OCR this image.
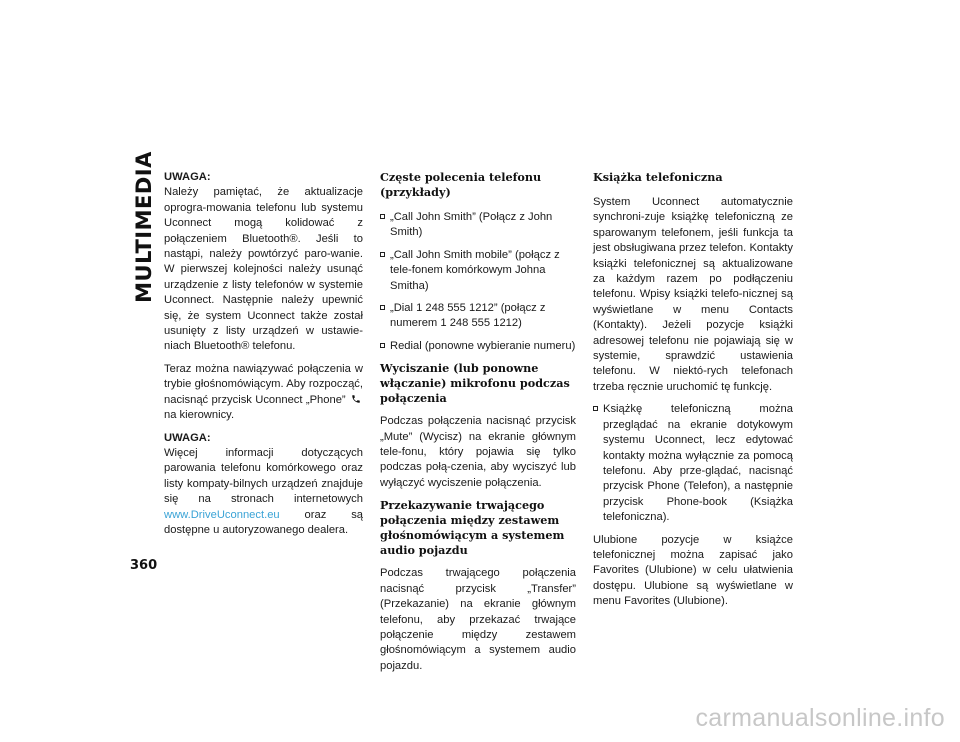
MULTIMEDIA UWAGA:
Należy pamiętać, że aktualizacje oprogra-mowania telefonu lub systemu Uconnect mogą kolidować z połączeniem Bluetooth®. Jeśli to nastąpi, należy powtórzyć paro-wanie. W pierwszej kolejności należy usunąć urządzenie z listy telefonów w systemie Uconnect. Następnie należy upewnić się, że system Uconnect także został usunięty z listy urządzeń w ustawie-niach Bluetooth® telefonu.

Teraz można nawiązywać połączenia w trybie głośnomówiącym. Aby rozpocząć, nacisnąć przycisk Uconnect „Phone”  na kierownicy.

UWAGA:
Więcej informacji dotyczących parowania telefonu komórkowego oraz listy kompaty-bilnych urządzeń znajduje się na stronach internetowych www.DriveUconnect.eu oraz są dostępne u autoryzowanego dealera.
Częste polecenia telefonu (przykłady)
„Call John Smith” (Połącz z John Smith)
„Call John Smith mobile” (połącz z tele-fonem komórkowym Johna Smitha)
„Dial 1 248 555 1212” (połącz z numerem 1 248 555 1212)
Redial (ponowne wybieranie numeru)
Wyciszanie (lub ponowne włączanie) mikrofonu podczas połączenia

Podczas połączenia nacisnąć przycisk „Mute” (Wycisz) na ekranie głównym tele-fonu, który pojawia się tylko podczas połą-czenia, aby wyciszyć lub wyłączyć wyciszenie połączenia.

Przekazywanie trwającego połączenia między zestawem głośnomówiącym a systemem audio pojazdu

Podczas trwającego połączenia nacisnąć przycisk „Transfer” (Przekazanie) na ekranie głównym telefonu, aby przekazać trwające połączenie między zestawem głośnomówiącym a systemem audio pojazdu.

Książka telefoniczna

System Uconnect automatycznie synchroni-zuje książkę telefoniczną ze sparowanym telefonem, jeśli funkcja ta jest obsługiwana przez telefon. Kontakty książki telefonicznej są aktualizowane za każdym razem po podłączeniu telefonu. Wpisy książki telefo-nicznej są wyświetlane w menu Contacts (Kontakty). Jeżeli pozycje książki adresowej telefonu nie pojawiają się w systemie, sprawdzić ustawienia telefonu. W niektó-rych telefonach trzeba ręcznie uruchomić tę funkcję.

Książkę telefoniczną można przeglądać na ekranie dotykowym systemu Uconnect, lecz edytować kontakty można wyłącznie za pomocą telefonu. Aby prze-glądać, nacisnąć przycisk Phone (Telefon), a następnie przycisk Phone-book (Książka telefoniczna).

Ulubione pozycje w książce telefonicznej można zapisać jako Favorites (Ulubione) w celu ułatwienia dostępu. Ulubione są wyświetlane w menu Favorites (Ulubione).

360
carmanualsonline.info
